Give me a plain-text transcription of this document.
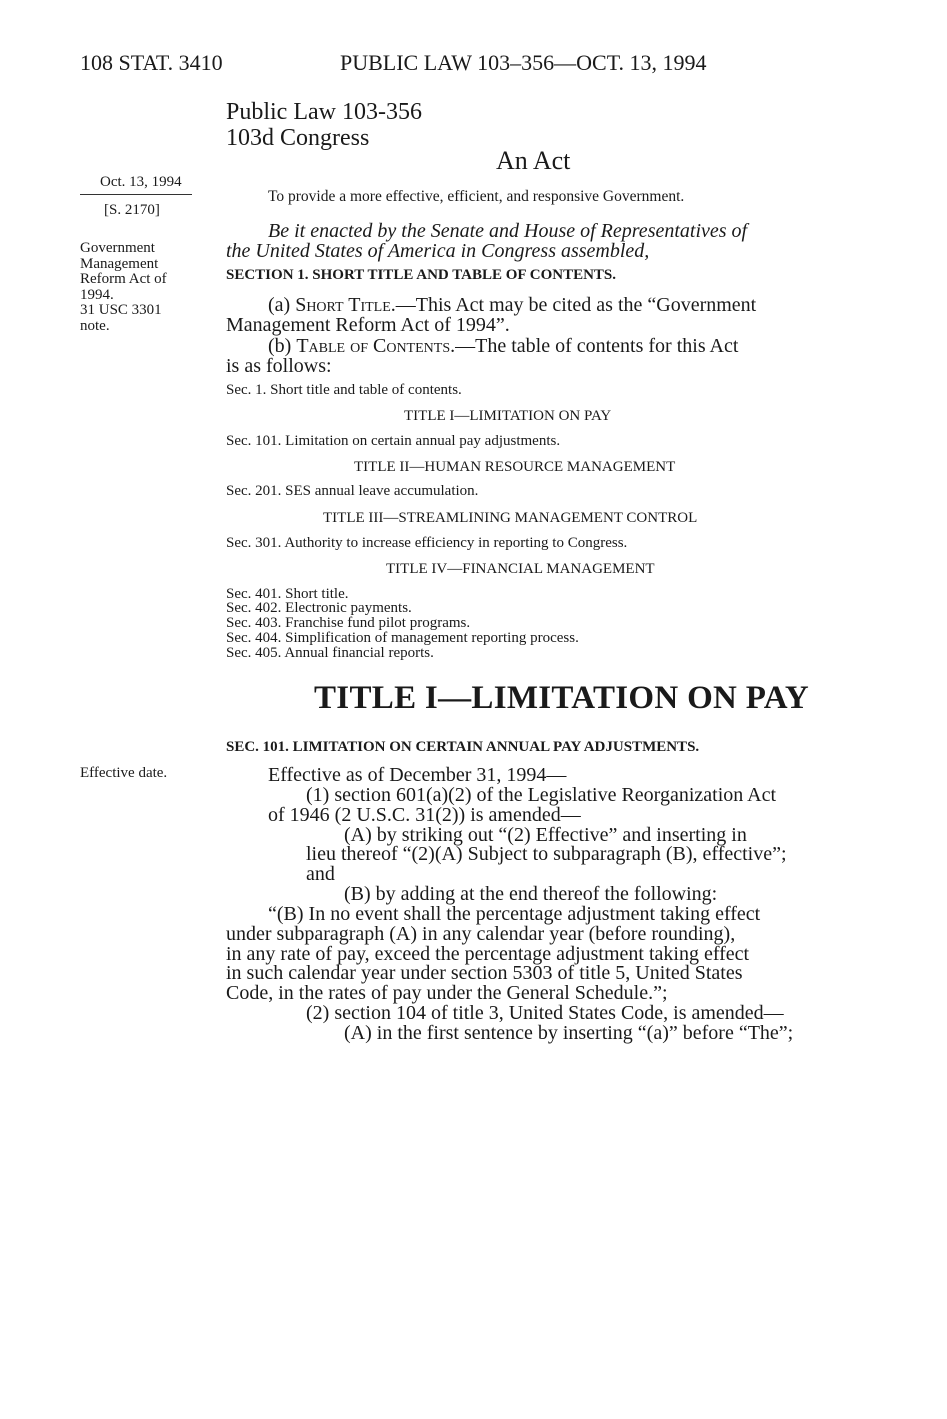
108 STAT. 3410	PUBLIC LAW 103–356—OCT. 13, 1994
Public Law 103-356
103d Congress
An Act
Oct. 13, 1994
[S. 2170]
Government
Management
Reform Act of
1994.
31 USC 3301
note.
Effective date.
To provide a more effective, efficient, and responsive Government.
Be it enacted by the Senate and House of Representatives of
the United States of America in Congress assembled,
SECTION 1. SHORT TITLE AND TABLE OF CONTENTS.
(a) Short Title.—This Act may be cited as the “Government
Management Reform Act of 1994”.
(b) Table of Contents.—The table of contents for this Act
is as follows:
Sec. 1. Short title and table of contents.
TITLE I—LIMITATION ON PAY
Sec. 101. Limitation on certain annual pay adjustments.
TITLE II—HUMAN RESOURCE MANAGEMENT
Sec. 201. SES annual leave accumulation.
TITLE III—STREAMLINING MANAGEMENT CONTROL
Sec. 301. Authority to increase efficiency in reporting to Congress.
TITLE IV—FINANCIAL MANAGEMENT
Sec. 401. Short title.
Sec. 402. Electronic payments.
Sec. 403. Franchise fund pilot programs.
Sec. 404. Simplification of management reporting process.
Sec. 405. Annual financial reports.
TITLE I—LIMITATION ON PAY
SEC. 101. LIMITATION ON CERTAIN ANNUAL PAY ADJUSTMENTS.
Effective as of December 31, 1994—
(1) section 601(a)(2) of the Legislative Reorganization Act
of 1946 (2 U.S.C. 31(2)) is amended—
(A) by striking out “(2) Effective” and inserting in
lieu thereof “(2)(A) Subject to subparagraph (B), effective”;
and
(B) by adding at the end thereof the following:
“(B) In no event shall the percentage adjustment taking effect
under subparagraph (A) in any calendar year (before rounding),
in any rate of pay, exceed the percentage adjustment taking effect
in such calendar year under section 5303 of title 5, United States
Code, in the rates of pay under the General Schedule.”;
(2) section 104 of title 3, United States Code, is amended—
(A) in the first sentence by inserting “(a)” before “The”;
